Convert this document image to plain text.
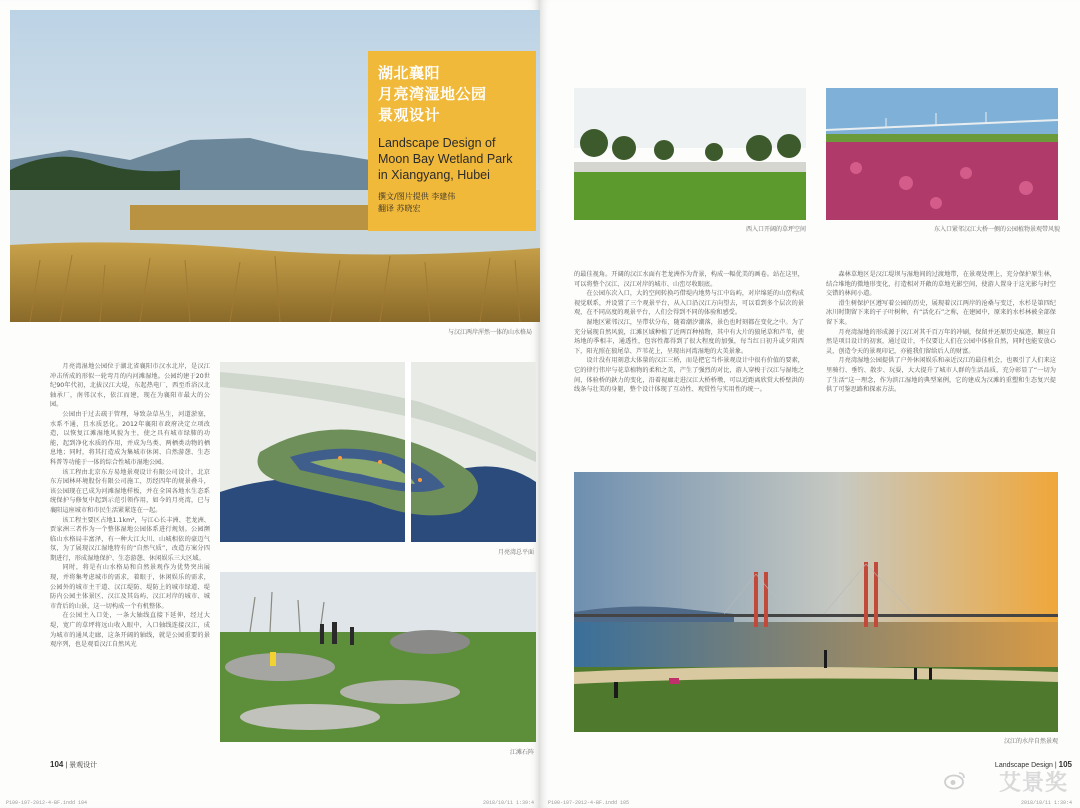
与汉江两岸浑然一体的山水格局
湖北襄阳
月亮湾湿地公园
景观设计
Landscape Design of
Moon Bay Wetland Park
in Xiangyang, Hubei
撰文/图片提供 李建伟
翻译 苏晓宏

月亮湾湿地公园位于湖北省襄阳市汉水北岸，是汉江冲击所成的形似一轮弯月的内河滩湿地。公园约建于20世纪90年代初，北拔汉江大堤，东起热电厂，西至币浴汉北轴承厂，南邻汉水，依江而建，现在为襄阳市最大的公园。

公园由于过去疏于管理，导致杂草丛生，河道淤塞，水系不通，且水质恶化。2012年襄阳市政府决定立项改造，以恢复江滩湿地风貌为主，使之具有城市绿肺的功能，起到净化水质的作用，并成为鸟类、两栖类动物的栖息地；同时，将其打造成为集城市休闲、自然游憩、生态科普等功能于一体的综合性城市湿地公园。

该工程由北京东方易地景观设计有限公司设计，北京东方园林环境股份有限公司施工，历经四年的规景叠斗，该公园现在已成为河滩湿地样板，并在全国各地水生态系统保护与修复中起到示范引领作用，如今的月亮湾，已与襄阳這座城市和市民生活紧紧连在一起。

该工程主要区占地1.1km²，与江心长丰洲、老龙洲、贾家洲三者作为一个整体湿地公园体系进行规划。公园濒临山水格局丰富泽，有一种大江大川、山城相依的豪迈气氛，为了展现汉江湿地特有的“自然气质”，改造方案分四期进行，形成湿地保护、生态游憩、休闲娱乐三大区域。

同时，将是有山水格局和自然景观作为优势突出展现，并将集考虑城市的需求，着眼于，休闲娱乐的需求，公园外的城市主干道、汉江堤防、堤防上的城市绿道、堤防内公园主体景区、汉江及其岛屿、汉江对岸的城市、城市背后的山景，这一切构成一个有机整体。

在公园主入口处，一条大轴线直接下延伸，经过大堤，宽广的草坪将远山收入眼中，入口轴线连接汉江，成为城市的通风走廊，这条开阔的轴线，就是公园重要的景观序列，也是观看汉江自然风光

月亮湾总平面
江滩石阵
104 | 景观设计
P100-107-2012-4-BF.indd 104	2018/10/11 1:39:4
西入口开阔的草坪空间	东入口紧邻汉江大桥一侧的公园植物景观带风貌

的最佳视角。开阔的汉江水面有老龙洲作为背景，构成一幅优美的画卷。站在这里，可以将整个汉江、汉江对岸的城市、山峦尽收眼底。

在公园东次入口，大的空间转换巧借堤内地势与江中岛屿，对岸绵延的山峦构成视觉联系，并设置了三个观景平台，从入口沿汉江方向望去，可以看到多个层次的景观，在不同高度的观景平台，人们会得到不同的体验和感受。

湿地区紧邻汉江，呈带状分布，随着潮汐潮落，景色也时刻都在变化之中。为了充分展现自然风貌，江滩区域种植了近两百种植物，其中有大片的狼尾草和芦苇，使场地的季相丰，通透性，包容性都得到了很大程度的加强，每当红日初升或夕阳西下，阳光照在狼尾草、芦苇花上，呈现出河湾湿地的大美景象。

设计没有用刻意大体量的汉江三桥，而是把它当作景观设计中很有价值的要素，它的律行伟岸与花草植物的柔和之美，产生了强烈的对比，游人穿梭于汉江与湿地之间，体验桥的鈥力的变化，沿着视廊走进汉江大桥桥墩，可以近距离欣赏大桥壁洪的线条与壮美的身躯，整个设计体现了互动性、观赏性与实用性的统一。

森林草地区是汉江堤坝与湿地间的过渡地带，在景观处理上，充分保护原生林，结合堆地的微地形变化，打造相对开敞的草地光影空间，使游人置身于这光影与时空交错的林间小道。

滑生树保护区遵写着公园的历史，展现着汉江两岸的沧桑与变迁，水杉是第四纪冰川时期留下来的孑子叶树种，有“活化石”之称，在建园中，原来的水杉林被全部保留下来。

月亮湾湿地的形成源于汉江对其千百万年的冲刷，保留并还原历史痕迹，顺应自然是项目设计的初衷，通过设计，不仅要让人们在公园中体验自然，同时也能安放心灵，创造令天的景观印记，亦能我们留给后人的财富。

月亮湾湿地公园提供了户外休闲娱乐和亲近汉江的最佳机会，也吸引了人们来这里骑行、垂钓、散步、玩耍，大大提升了城市人群的生活品质，充分彰显了“一切为了生活”这一理念，作为滨江湿地的典型案例，它的建成为汉滩的重塑和生态复兴提供了可鉴思路和探索方法。

汉江的水岸自然景观
Landscape Design | 105
P100-107-2012-4-BF.indd 105	2018/10/11 1:39:4
艾景奖
